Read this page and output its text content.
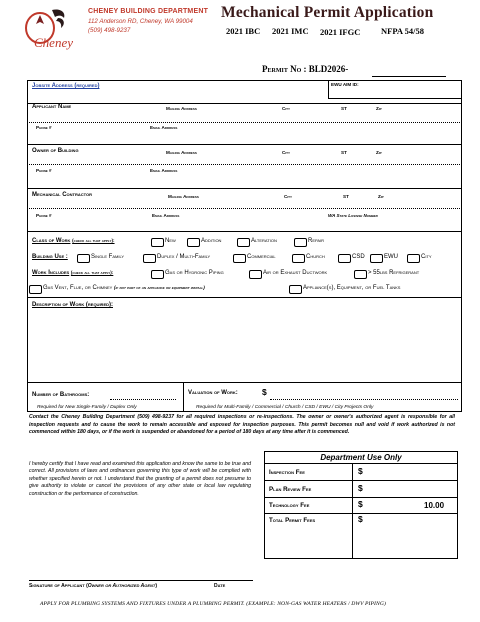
Cheney
CHENEY BUILDING DEPARTMENT
112 Anderson RD, Cheney, WA 99004
(509) 498-9237
Mechanical Permit Application
2021 IBC 2021 IMC 2021 IFGC NFPA 54/58
Permit No : BLD2026-
Jobsite Address (required)	EWU AIM ID:
Applicant Name	Mailing Address	City	ST	Zip
Phone #	Email Address
Owner of Building	Mailing Address	City	ST	Zip
Phone #	Email Address
Mechanical Contractor	Mailing Address	City	ST	Zip
Phone #	Email Address	WA State License Number
Class of Work (check all that apply):	New	Addition	Alteration	Repair
Building Use :	Single Family	Duplex / Multi-Family	Commercial	Church	CSD	EWU	City
Work Includes (check all that apply):	Gas or Hydronic Piping	Air or Exhaust Ductwork	> 55lbs Refrigerant
Gas Vent, Flue, or Chimney (if not part of an appliance or equipment install)	Appliance(s), Equipment, or Fuel Tanks
Description of Work (required):
Number of Bathrooms:	Valuation of Work:	$
Required for New Single-Family / Duplex Only	Required for Multi-Family / Commercial / Church / CSD / EWU / City Projects Only
Contact the Cheney Building Department (509) 498-9237 for all required inspections or re-inspections. The owner or owner's authorized agent is responsible for all inspection requests and to cause the work to remain accessible and exposed for inspection purposes. This permit becomes null and void if work authorized is not commenced within 180 days, or if the work is suspended or abandoned for a period of 180 days at any time after it is commenced.
I hereby certify that I have read and examined this application and know the same to be true and correct. All provisions of laws and ordinances governing this type of work will be complied with whether specified herein or not. I understand that the granting of a permit does not presume to give authority to violate or cancel the provisions of any other state or local law regulating construction or the performance of construction.
Department Use Only
Inspection Fee	$
Plan Review Fee	$
Technology Fee	$	10.00
Total Permit Fees	$
Signature of Applicant (Owner or Authorized Agent)	Date
APPLY FOR PLUMBING SYSTEMS AND FIXTURES UNDER A PLUMBING PERMIT. (EXAMPLE: NON-GAS WATER HEATERS / DWV PIPING)
